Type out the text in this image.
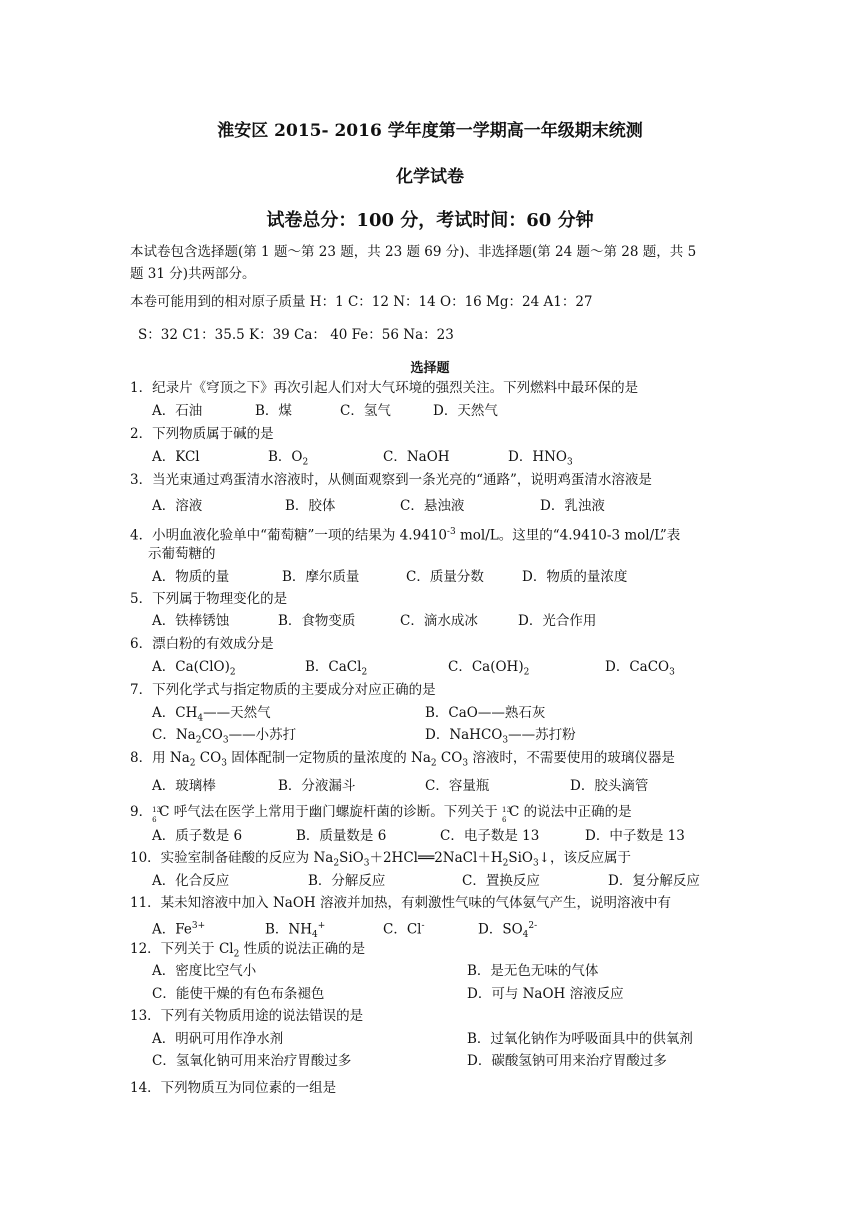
淮安区 2015- 2016 学年度第一学期高一年级期末统测
化学试卷
试卷总分：100 分，考试时间：60 分钟
本试卷包含选择题(第 1 题～第 23 题，共 23 题 69 分)、非选择题(第 24 题～第 28 题，共 5
题 31 分)共两部分。
本卷可能用到的相对原子质量 H：1 C：12 N：14 O：16 Mg：24 A1：27
S：32 C1：35.5 K：39 Ca： 40 Fe：56 Na：23
选择题
1．纪录片《穹顶之下》再次引起人们对大气环境的强烈关注。下列燃料中最环保的是
A．石油	B．煤	C．氢气	D．天然气
2．下列物质属于碱的是
A．KCl	B．$O_2$	C．NaOH	D．$HNO_3$
3．当光束通过鸡蛋清水溶液时，从侧面观察到一条光亮的“通路”，说明鸡蛋清水溶液是
A．溶液	B．胶体	C．悬浊液	D．乳浊液
4．小明血液化验单中“葡萄糖”一项的结果为 $4.9410^{-3}$ mol/L。这里的“4.9410-3 mol/L”表
示葡萄糖的
A．物质的量	B．摩尔质量	C．质量分数	D．物质的量浓度
5．下列属于物理变化的是
A．铁棒锈蚀	B．食物变质	C．滴水成冰	D．光合作用
6．漂白粉的有效成分是
A．$Ca(ClO)_2$	B．CaCl$_2$	C．$Ca(OH)_2$	D．CaCO$_3$
7．下列化学式与指定物质的主要成分对应正确的是
A．$CH_4——$天然气	B．CaO——熟石灰
C．$Na_2CO_3——$小苏打	D．NaHCO$_3$——苏打粉
8．用 $Na_2$ $CO_3$ 固体配制一定物质的量浓度的 $Na_2$ $CO_3$ 溶液时，不需要使用的玻璃仪器是
A．玻璃棒	B．分液漏斗	C．容量瓶	D．胶头滴管
9． 13
6 C 呼气法在医学上常用于幽门螺旋杆菌的诊断。下列关于 13
6 C 的说法中正确的是
A．质子数是 6	B．质量数是 6	C．电子数是 13	D．中子数是 13
10．实验室制备硅酸的反应为 $Na_2SiO_3+2HCl══2NaCl+H_2SiO_3↓$，该反应属于
A．化合反应	B．分解反应	C．置换反应	D．复分解反应
11．某未知溶液中加入 NaOH 溶液并加热，有刺激性气味的气体氨气产生，说明溶液中有
A．$Fe^{3+}$	B．$NH_4^+$	C．Cl-	D．$SO_4^{2-}$
12．下列关于 $Cl_2$ 性质的说法正确的是
A．密度比空气小	B．是无色无味的气体
C．能使干燥的有色布条褪色	D．可与 NaOH 溶液反应
13．下列有关物质用途的说法错误的是
A．明矾可用作净水剂	B．过氧化钠作为呼吸面具中的供氧剂
C．氢氧化钠可用来治疗胃酸过多	D．碳酸氢钠可用来治疗胃酸过多
14．下列物质互为同位素的一组是
